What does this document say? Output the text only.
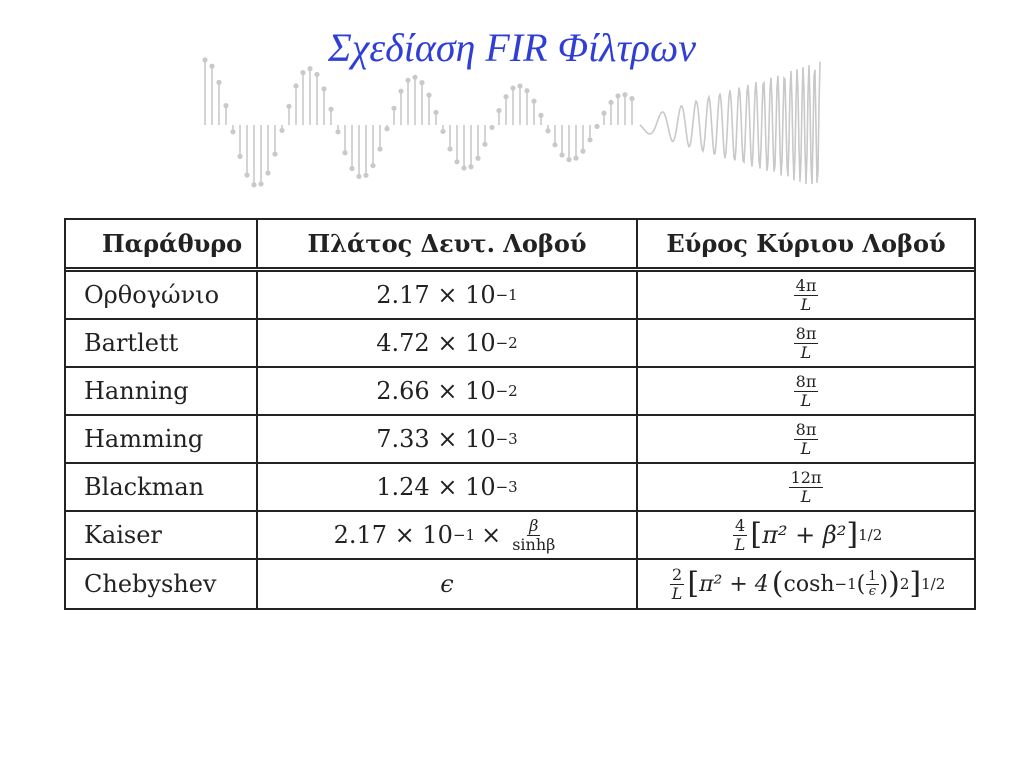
Σχεδίαση FIR Φίλτρων
Παράθυρο	Πλάτος Δευτ. Λοβού	Εύρος Κύριου Λοβού
Ορθογώνιο	2.17 × 10 −1	$\frac{4\pi}{L}$
Bartlett	4.72 × 10 −2	$\frac{8\pi}{L}$
Hanning	2.66 × 10 −2	$\frac{8\pi}{L}$
Hamming	7.33 × 10 −3	$\frac{8\pi}{L}$
Blackman	1.24 × 10 −3	$\frac{12\pi}{L}$
Kaiser	$2.17 \times 10 -1 \times \frac{\beta}{\sinh\beta}$	$\frac{4}{L}$ [ π² + β² ] 1/2
Chebyshev	ϵ	$\frac{2}{L}$ [ π² + 4 ( cosh −1 ( $\frac{1}{\epsilon}$ ) ) 2 ] 1/2
